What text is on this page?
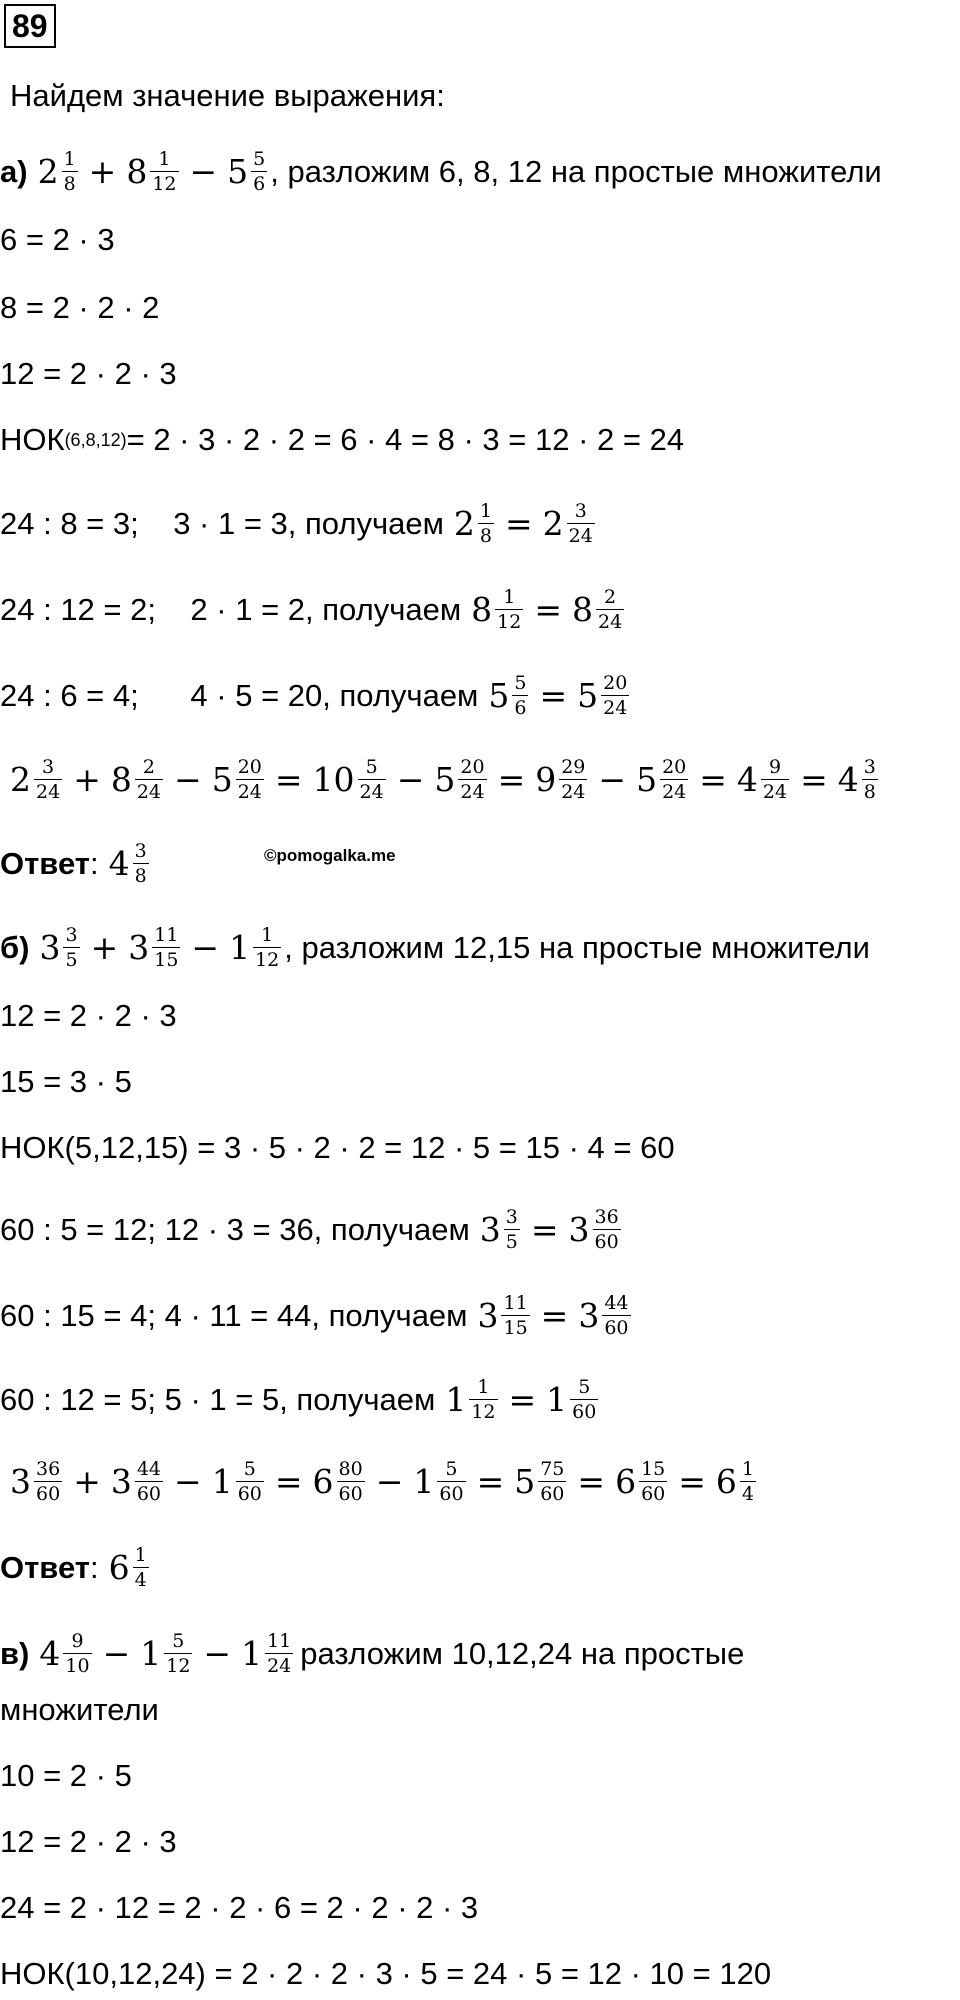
89
Найдем значение выражения:
а) $2 \frac{1}{8} + 8 \frac{1}{12} - 5 \frac{5}{6}$ , разложим 6, 8, 12 на простые множители
6 = 2 · 3
8 = 2 · 2 · 2
12 = 2 · 2 · 3
НОК (6,8,12) = 2 · 3 · 2 · 2 = 6 · 4 = 8 · 3 = 12 · 2 = 24
24 : 8 = 3;    3 · 1 = 3, получаем $2 \frac{1}{8} = 2 \frac{3}{24}$
24 : 12 = 2;    2 · 1 = 2, получаем $8 \frac{1}{12} = 8 \frac{2}{24}$
24 : 6 = 4;      4 · 5 = 20, получаем $5 \frac{5}{6} = 5 \frac{20}{24}$
$2 \frac{3}{24} + 8 \frac{2}{24} - 5 \frac{20}{24} = 10 \frac{5}{24} - 5 \frac{20}{24} = 9 \frac{29}{24} - 5 \frac{20}{24} = 4 \frac{9}{24} = 4 \frac{3}{8}$
Ответ : $4 \frac{3}{8}$	©pomogalka.me
б) $3 \frac{3}{5} + 3 \frac{11}{15} - 1 \frac{1}{12}$ , разложим 12,15 на простые множители
12 = 2 · 2 · 3
15 = 3 · 5
НОК(5,12,15) = 3 · 5 · 2 · 2 = 12 · 5 = 15 · 4 = 60
60 : 5 = 12; 12 · 3 = 36, получаем $3 \frac{3}{5} = 3 \frac{36}{60}$
60 : 15 = 4; 4 · 11 = 44, получаем $3 \frac{11}{15} = 3 \frac{44}{60}$
60 : 12 = 5; 5 · 1 = 5, получаем $1 \frac{1}{12} = 1 \frac{5}{60}$
$3 \frac{36}{60} + 3 \frac{44}{60} - 1 \frac{5}{60} = 6 \frac{80}{60} - 1 \frac{5}{60} = 5 \frac{75}{60} = 6 \frac{15}{60} = 6 \frac{1}{4}$
Ответ : $6 \frac{1}{4}$
в) $4 \frac{9}{10} - 1 \frac{5}{12} - 1 \frac{11}{24}$ разложим 10,12,24 на простые
множители
10 = 2 · 5
12 = 2 · 2 · 3
24 = 2 · 12 = 2 · 2 · 6 = 2 · 2 · 2 · 3
НОК(10,12,24) = 2 · 2 · 2 · 3 · 5 = 24 · 5 = 12 · 10 = 120
